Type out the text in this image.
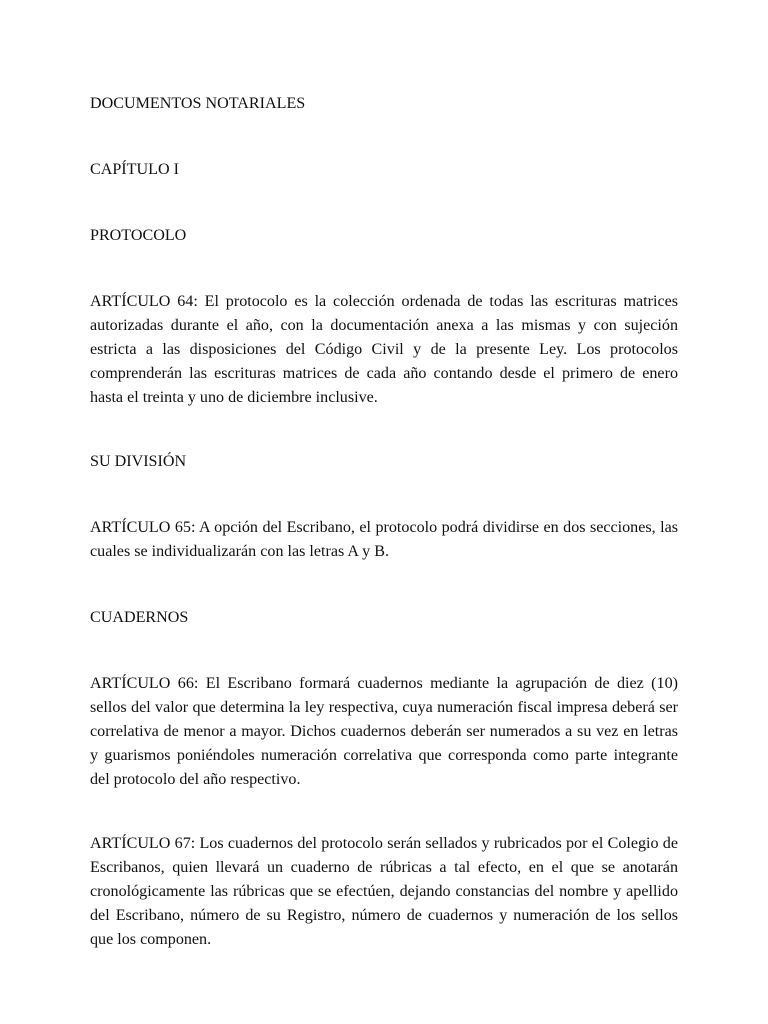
DOCUMENTOS NOTARIALES

CAPÍTULO I

PROTOCOLO

ARTÍCULO 64: El protocolo es la colección ordenada de todas las escrituras matrices autorizadas durante el año, con la documentación anexa a las mismas y con sujeción estricta a las disposiciones del Código Civil y de la presente Ley. Los protocolos comprenderán las escrituras matrices de cada año contando desde el primero de enero hasta el treinta y uno de diciembre inclusive.

SU DIVISIÓN

ARTÍCULO 65: A opción del Escribano, el protocolo podrá dividirse en dos secciones, las cuales se individualizarán con las letras A y B.

CUADERNOS

ARTÍCULO 66: El Escribano formará cuadernos mediante la agrupación de diez (10) sellos del valor que determina la ley respectiva, cuya numeración fiscal impresa deberá ser correlativa de menor a mayor. Dichos cuadernos deberán ser numerados a su vez en letras y guarismos poniéndoles numeración correlativa que corresponda como parte integrante del protocolo del año respectivo.

ARTÍCULO 67: Los cuadernos del protocolo serán sellados y rubricados por el Colegio de Escribanos, quien llevará un cuaderno de rúbricas a tal efecto, en el que se anotarán cronológicamente las rúbricas que se efectúen, dejando constancias del nombre y apellido del Escribano, número de su Registro, número de cuadernos y numeración de los sellos que los componen.
